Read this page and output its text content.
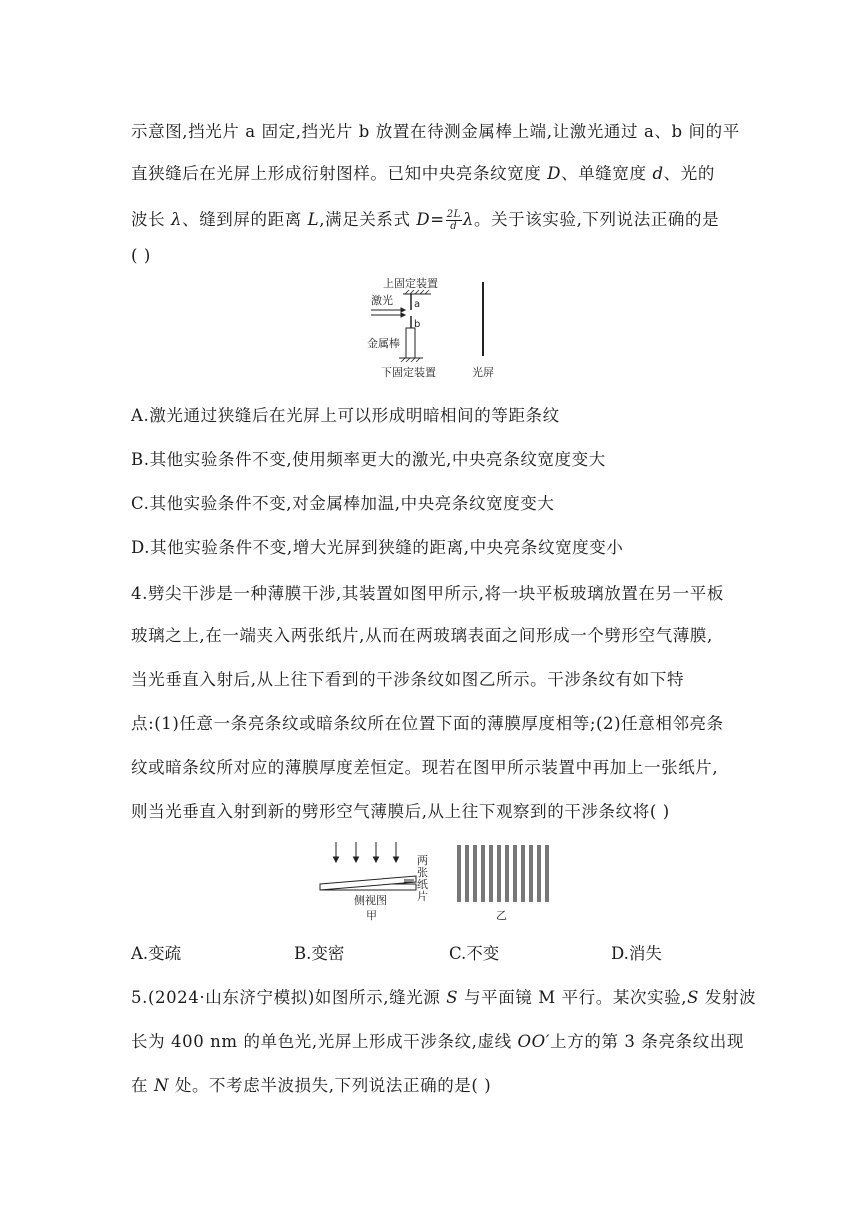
示意图,挡光片 a 固定,挡光片 b 放置在待测金属棒上端,让激光通过 a、b 间的平
直狭缝后在光屏上形成衍射图样。已知中央亮条纹宽度 D、单缝宽度 d、光的
波长 λ、缝到屏的距离 L,满足关系式 $D= \frac{2L}{d}$ λ。关于该实验,下列说法正确的是
( )
上固定装置
a
激光
b
金属棒
下固定装置	光屏
A.激光通过狭缝后在光屏上可以形成明暗相间的等距条纹
B.其他实验条件不变,使用频率更大的激光,中央亮条纹宽度变大
C.其他实验条件不变,对金属棒加温,中央亮条纹宽度变大
D.其他实验条件不变,增大光屏到狭缝的距离,中央亮条纹宽度变小
4.劈尖干涉是一种薄膜干涉,其装置如图甲所示,将一块平板玻璃放置在另一平板
玻璃之上,在一端夹入两张纸片,从而在两玻璃表面之间形成一个劈形空气薄膜,
当光垂直入射后,从上往下看到的干涉条纹如图乙所示。干涉条纹有如下特
点:(1)任意一条亮条纹或暗条纹所在位置下面的薄膜厚度相等;(2)任意相邻亮条
纹或暗条纹所对应的薄膜厚度差恒定。现若在图甲所示装置中再加上一张纸片,
则当光垂直入射到新的劈形空气薄膜后,从上往下观察到的干涉条纹将( )
两
张
纸
片
侧视图
甲	乙
A.变疏	B.变密	C.不变	D.消失
5.(2024·山东济宁模拟)如图所示,缝光源 S 与平面镜 M 平行。某次实验,S 发射波
长为 400 nm 的单色光,光屏上形成干涉条纹,虚线 OO′上方的第 3 条亮条纹出现
在 N 处。不考虑半波损失,下列说法正确的是( )
